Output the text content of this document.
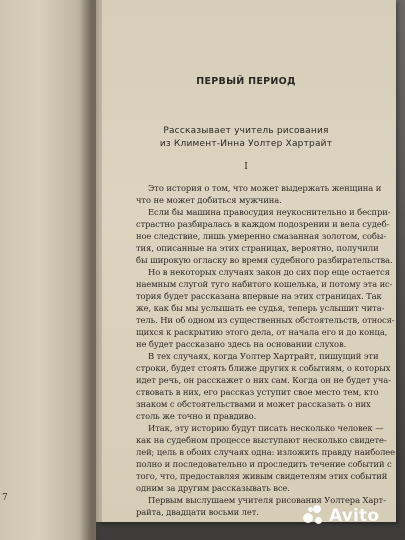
7
ПЕРВЫЙ ПЕРИОД
Рассказывает учитель рисования
из Климент-Инна Уолтер Хартрайт
I
Это история о том, что может выдержать женщина и
что не может добиться мужчина.
Если бы машина правосудия неукоснительно и беспри-
страстно разбиралась в каждом подозрении и вела судеб-
ное следствие, лишь умеренно смазанная золотом, собы-
тия, описанные на этих страницах, вероятно, получили
бы широкую огласку во время судебного разбирательства.
Но в некоторых случаях закон до сих пор еще остается
наемным слугой туго набитого кошелька, и потому эта ис-
тория будет рассказана впервые на этих страницах. Так
же, как бы мы услышать ее судья, теперь услышит чита-
тель. Ни об одном из существенных обстоятельств, относя-
щихся к раскрытию этого дела, от начала его и до конца,
не будет рассказано здесь на основании слухов.
В тех случаях, когда Уолтер Хартрайт, пишущий эти
строки, будет стоять ближе других к событиям, о которых
идет речь, он расскажет о них сам. Когда он не будет уча-
ствовать в них, его рассказ уступит свое место тем, кто
знаком с обстоятельствами и может рассказать о них
столь же точно и правдиво.
Итак, эту историю будут писать несколько человек —
как на судебном процессе выступают несколько свидете-
лей; цель в обоих случаях одна: изложить правду наиболее
полно и последовательно и проследить течение событий с
того, что, предоставляя живым свидетелям этих событий
одним за другим рассказывать все.
Первым выслушаем учителя рисования Уолтера Харт-
райта, двадцати восьми лет.	Avito
